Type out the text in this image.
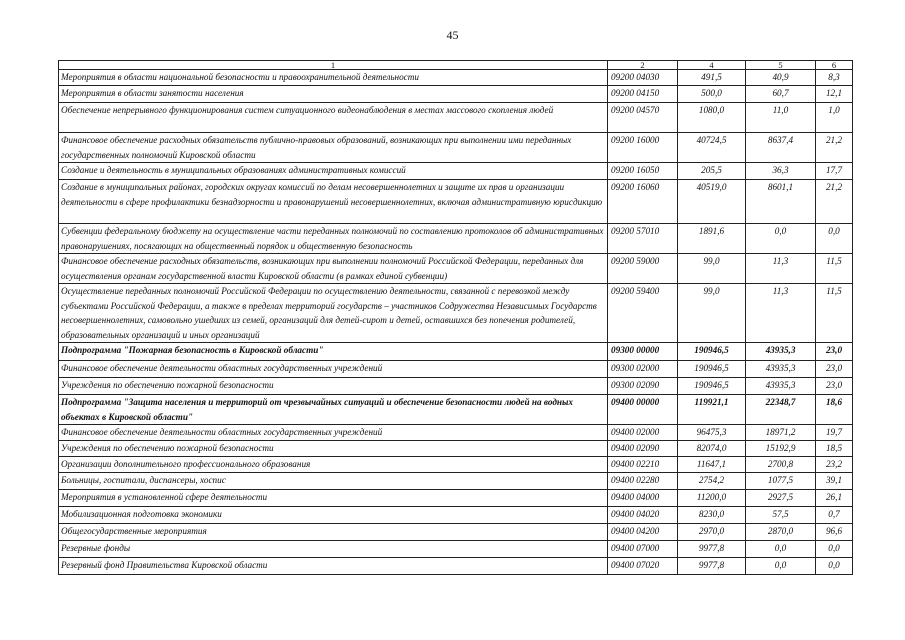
45
1	2	4	5	6
Мероприятия в области национальной безопасности и правоохранительной деятельности	09200 04030	491,5	40,9	8,3
Мероприятия в области занятости населения	09200 04150	500,0	60,7	12,1
Обеспечение непрерывного функционирования систем ситуационного видеонаблюдения в местах массового скопления людей	09200 04570	1080,0	11,0	1,0
Финансовое обеспечение расходных обязательств публично-правовых образований, возникающих при выполнении ими переданных государственных полномочий Кировской области	09200 16000	40724,5	8637,4	21,2
Создание и деятельность в муниципальных образованиях административных комиссий	09200 16050	205,5	36,3	17,7
Создание в муниципальных районах, городских округах комиссий по делам несовершеннолетних и защите их прав и организации деятельности в сфере профилактики безнадзорности и правонарушений несовершеннолетних, включая административную юрисдикцию	09200 16060	40519,0	8601,1	21,2
Субвенции федеральному бюджету на осуществление части переданных полномочий по составлению протоколов об административных правонарушениях, посягающих на общественный порядок и общественную безопасность	09200 57010	1891,6	0,0	0,0
Финансовое обеспечение расходных обязательств, возникающих при выполнении полномочий Российской Федерации, переданных для осуществления органам государственной власти Кировской области (в рамках единой субвенции)	09200 59000	99,0	11,3	11,5
Осуществление переданных полномочий Российской Федерации по осуществлению деятельности, связанной с перевозкой между субъектами Российской Федерации, а также в пределах территорий государств – участников Содружества Независимых Государств несовершеннолетних, самовольно ушедших из семей, организаций для детей-сирот и детей, оставшихся без попечения родителей, образовательных организаций и иных организаций	09200 59400	99,0	11,3	11,5
Подпрограмма "Пожарная безопасность в Кировской области"	09300 00000	190946,5	43935,3	23,0
Финансовое обеспечение деятельности областных государственных учреждений	09300 02000	190946,5	43935,3	23,0
Учреждения по обеспечению пожарной безопасности	09300 02090	190946,5	43935,3	23,0
Подпрограмма "Защита населения и территорий от чрезвычайных ситуаций и обеспечение безопасности людей на водных объектах в Кировской области"	09400 00000	119921,1	22348,7	18,6
Финансовое обеспечение деятельности областных государственных учреждений	09400 02000	96475,3	18971,2	19,7
Учреждения по обеспечению пожарной безопасности	09400 02090	82074,0	15192,9	18,5
Организации дополнительного профессионального образования	09400 02210	11647,1	2700,8	23,2
Больницы, госпитали, диспансеры, хоспис	09400 02280	2754,2	1077,5	39,1
Мероприятия в установленной сфере деятельности	09400 04000	11200,0	2927,5	26,1
Мобилизационная подготовка экономики	09400 04020	8230,0	57,5	0,7
Общегосударственные мероприятия	09400 04200	2970,0	2870,0	96,6
Резервные фонды	09400 07000	9977,8	0,0	0,0
Резервный фонд Правительства Кировской области	09400 07020	9977,8	0,0	0,0
